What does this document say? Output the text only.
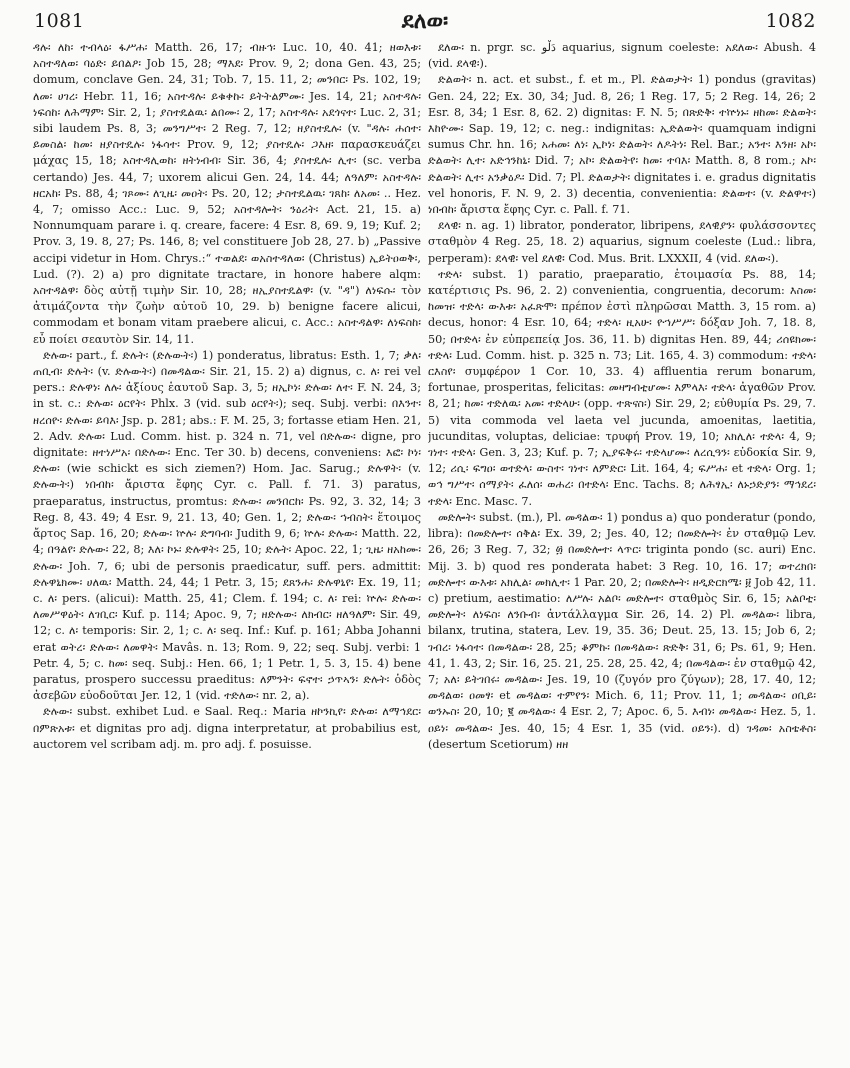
1081	ደለወ፡	1082

ዳሉ፡ ለከ፡ ተብላዕ፡ ፋሥሐ፡ Matth. 26, 17; ብዙኅ፡ Luc. 10, 40. 41; ዘወእቱ፡ አስተዳለወ፡ ባዕድ፡ ይበልዖ፡ Job 15, 28; ማእደ፡ Prov. 9, 2; dona Gen. 43, 25; domum, conclave Gen. 24, 31; Tob. 7, 15. 11, 2; መንበር፡ Ps. 102, 19; ለመ፡ ሀገረ፡ Hebr. 11, 16; አስተዳሉ፡ ይቁቀኩ፡ ይትትልምሙ፡ Jes. 14, 21; አስተዳሉ፡ ነፍሰከ፡ ለሕማም፡ Sir. 2, 1; ያስተዴልዉ፡ ልበሙ፡ 2, 17; አስተዳሉ፡ አደጎናተ፡ Luc. 2, 31; sibi laudem Ps. 8, 3; መንግሥተ፡ 2 Reg. 7, 12; ዘያስተዴሉ፡ (v. "ዳሉ፡ ሐሰተ፡ ይመስል፡ ከመ፡ ዘያስተዴሉ፡ ነፋሳተ፡ Prov. 9, 12; ያስተዴሉ፡ ጋእዘ፡ παρασκευάζει μάχας 15, 18; አስተዳሊወከ፡ ዘትነብብ፡ Sir. 36, 4; ያስተዴሉ፡ ሊተ፡ (sc. verba certando) Jes. 44, 7; uxorem alicui Gen. 24, 14. 44; ለዓለም፡ አስተዳሉ፡ ዘርአከ፡ Ps. 88, 4; ገጾሙ፡ ለጊዜ፡ መዐት፡ Ps. 20, 12; ታስተዴልዉ፡ ገጸከ፡ ለአመ፡ .. Hez. 4, 7; omisso Acc.: Luc. 9, 52; አስተዳሎት፡ ንዕሪት፡ Act. 21, 15. a) Nonnumquam parare i. q. creare, facere: 4 Esr. 8, 69. 9, 19; Kuf. 2; Prov. 3, 19. 8, 27; Ps. 146, 8; vel constituere Job 28, 27. b) „Passive accipi videtur in Hom. Chrys.:“ ተወልደ፡ ወአስተዳለወ፡ (Christus) ኢይትዐወቅ፡, Lud. (?). 2) a) pro dignitate tractare, in honore habere alqm: አስተዳልዋ፡ δὸς αὐτῇ τιμὴν Sir. 10, 28; ዘኢያስተዴልዋ፡ (v. "ዳ") ለነፍሱ፡ τὸν ἀτιμάζοντα τὴν ζωὴν αὐτοῦ 10, 29. b) benigne facere alicui, commodam et bonam vitam praebere alicui, c. Acc.: አስተዳልዋ፡ ለነፍስከ፡ εὖ ποίει σεαυτὸν Sir. 14, 11.

ድሉው፡ part., f. ድሉት፡ (ድሉውት፡) 1) ponderatus, libratus: Esth. 1, 7; ቃለ፡ ጠቢብ፡ ድሉት፡ (v. ድሉውት፡) በመዳልው፡ Sir. 21, 15. 2) a) dignus, c. ለ፡ rei vel pers.: ድሉዋነ፡ ለሉ፡ ἀξίους ἑαυτοῦ Sap. 3, 5; ዘኢኮነ፡ ድሉወ፡ ለተ፡ F. N. 24, 3; in st. c.: ድሉወ፡ ዕርየት፡ Phlx. 3 (vid. sub ዕርየት፡); seq. Subj. verbi: በእንተ፡ ዘረሰዮ፡ ድሉወ፡ ይባእ፡ Jsp. p. 281; abs.: F. M. 25, 3; fortasse etiam Hen. 21, 2. Adv. ድሉወ፡ Lud. Comm. hist. p. 324 n. 71, vel በድሉው፡ digne, pro dignitate: ዘተነሥአ፡ በድሉው፡ Enc. Ter 30. b) decens, conveniens: እፎ፡ ኮነ፡ ድሉወ፡ (wie schickt es sich ziemen?) Hom. Jac. Sarug.; ድሉዋት፡ (v. ድሉውት፡) ነበብከ፡ ἄριστα ἔφης Cyr. c. Pall. f. 71. 3) paratus, praeparatus, instructus, promtus: ድሉው፡ መንበርከ፡ Ps. 92, 3. 32, 14; 3 Reg. 8, 43. 49; 4 Esr. 9, 21. 13, 40; Gen. 1, 2; ድሉው፡ ኀብስት፡ ἕτοιμος ἄρτος Sap. 16, 20; ድሉው፡ ኵሉ፡ ድግባብ፡ Judith 9, 6; ኵሉ፡ ድሉው፡ Matth. 22, 4; በዓልየ፡ ድሉው፡ 22, 8; እለ፡ ኮኑ፡ ድሉዋት፡ 25, 10; ድሉት፡ Apoc. 22, 1; ጊዜ፡ ዘአከሙ፡ ድሉው፡ Joh. 7, 6; ubi de personis praedicatur, suff. pers. admittit: ድሉዋኒክሙ፡ ሀለዉ፡ Matth. 24, 44; 1 Petr. 3, 15; ደጸንሐ፡ ድሉዋኒየ፡ Ex. 19, 11; c. ለ፡ pers. (alicui): Matth. 25, 41; Clem. f. 194; c. ለ፡ rei: ኵሉ፡ ድሉው፡ ለመሥዋዕት፡ ለገቢር፡ Kuf. p. 114; Apoc. 9, 7; ዘድሉው፡ ለክብር፡ ዘለዓለም፡ Sir. 49, 12; c. ለ፡ temporis: Sir. 2, 1; c. ለ፡ seq. Inf.: Kuf. p. 161; Abba Johanni erat ወትረ፡ ድሉው፡ ለመዋት፡ Mavâs. n. 13; Rom. 9, 22; seq. Subj. verbi: 1 Petr. 4, 5; c. ከመ፡ seq. Subj.: Hen. 66, 1; 1 Petr. 1, 5. 3, 15. 4) bene paratus, prospero successu praeditus: ለምንት፡ ፍኖተ፡ ኃጥኣን፡ ድሉት፡ ὁδὸς ἀσεβῶν εὐοδοῦται Jer. 12, 1 (vid. ተድለው፡ nr. 2, a).

ድሉው፡ subst. exhibet Lud. e Saal. Req.: Maria ዘኮንኪየ፡ ድሉወ፡ ለማኅደር፡ በምጽአቱ፡ et dignitas pro adj. digna interpretatur, at probabilius est, auctorem vel scribam adj. m. pro adj. f. posuisse.

ደለው፡ n. prgr. sc. دَلْو aquarius, signum coeleste: አደለው፡ Abush. 4 (vid. ደላዊ፡).

ድልወት፡ n. act. et subst., f. et m., Pl. ድልወታት፡ 1) pondus (gravitas) Gen. 24, 22; Ex. 30, 34; Jud. 8, 26; 1 Reg. 17, 5; 2 Reg. 14, 26; 2 Esr. 8, 34; 1 Esr. 8, 62. 2) dignitas: F. N. 5; በጽድቅ፡ ተኵነኑ፡ ዘከመ፡ ድልወት፡ እከዮሙ፡ Sap. 19, 12; c. neg.: indignitas: ኢድልወት፡ quamquam indigni sumus Chr. hn. 16; አሐመ፡ ለነ፡ ኢኮነ፡ ድልወት፡ ለዶትነ፡ Rel. Bar.; አንተ፡ እንዘ፡ አኮ፡ ድልወት፡ ሊተ፡ አድኅንከኒ፡ Did. 7; አኮ፡ ድልወትየ፡ ከመ፡ ተባእ፡ Matth. 8, 8 rom.; አኮ፡ ድልወት፡ ሊተ፡ አንቃዕዶ፡ Did. 7; Pl. ድልወታት፡ dignitates i. e. gradus dignitatis vel honoris, F. N. 9, 2. 3) decentia, convenientia: ድልወተ፡ (v. ድልዋተ፡) ነበብከ፡ ἄριστα ἔφης Cyr. c. Pall. f. 71.

ደላዊ፡ n. ag. 1) librator, ponderator, libripens, ደላዊያን፡ φυλάσσοντες σταθμὸν 4 Reg. 25, 18. 2) aquarius, signum coeleste (Lud.: libra, perperam): ደላዊ፡ vel ደለዊ፡ Cod. Mus. Brit. LXXXII, 4 (vid. ደለው፡).

ተድላ፡ subst. 1) paratio, praeparatio, ἑτοιμασία Ps. 88, 14; κατέρτισις Ps. 96, 2. 2) convenientia, congruentia, decorum: እስመ፡ ከመዝ፡ ተድላ፡ ውእቱ፡ አፈጽሞ፡ πρέπον ἐστὶ πληρῶσαι Matth. 3, 15 rom. a) decus, honor: 4 Esr. 10, 64; ተድላ፡ ዚአሁ፡ ዮኀሥሥ፡ δόξαν Joh. 7, 18. 8, 50; በተድላ፡ ἐν εὐπρεπείᾳ Jos. 36, 11. b) dignitas Hen. 89, 44; ሪሰዩክሙ፡ ተድላ፡ Lud. Comm. hist. p. 325 n. 73; Lit. 165, 4. 3) commodum: ተድላ፡ ርእስየ፡ συμφέρον 1 Cor. 10, 33. 4) affluentia rerum bonarum, fortunae, prosperitas, felicitas: መዛግብቲሆሙ፡ እምላእ፡ ተድላ፡ ἀγαθῶν Prov. 8, 21; ከመ፡ ተድለዉ፡ አመ፡ ተድላሁ፡ (opp. ተጽናስ፡) Sir. 29, 2; εὐθυμία Ps. 29, 7. 5) vita commoda vel laeta vel jucunda, amoenitas, laetitia, jucunditas, voluptas, deliciae: τρυφή Prov. 19, 10; አክሊለ፡ ተድላ፡ 4, 9; ገነተ፡ ተድላ፡ Gen. 3, 23; Kuf. p. 7; ኢያፍቅሩ፡ ተድላሆሙ፡ ለረሲዓን፡ εὐδοκία Sir. 9, 12; ሪሲ፡ ፍግዐ፡ ወተድላ፡ ውስተ፡ ገነተ፡ ለምድር፡ Lit. 164, 4; ፍሥሐ፡ et ተድላ፡ Org. 1; ወኅ ግሥተ፡ ሰማያት፡ ፈለሰ፡ ወሐረ፡ በተድላ፡ Enc. Tachs. 8; ለሕፃኢ፡ ለኑኃድያን፡ ማኅደረ፡ ተድላ፡ Enc. Masc. 7.

መድሎት፡ subst. (m.), Pl. መዳልው፡ 1) pondus a) quo ponderatur (pondo, libra): በመድሎተ፡ ሰቅል፡ Ex. 39, 2; Jes. 40, 12; በመድሎት፡ ἐν σταθμῷ Lev. 26, 26; 3 Reg. 7, 32; ፴ በመድሎተ፡ ላጥር፡ triginta pondo (sc. auri) Enc. Mij. 3. b) quod res ponderata habet: 3 Reg. 10, 16. 17; ወተረክበ፡ መድሎተ፡ ውእቱ፡ አክሊል፡ መክሊተ፡ 1 Par. 20, 2; በመድሎት፡ ዘዲድርክሜ፡ ፱ Job 42, 11. c) pretium, aestimatio: ለሥሉ፡ አልቦ፡ መድሎተ፡ σταθμὸς Sir. 6, 15; አልቦቲ፡ መድሎት፡ ለነፍስ፡ ለንቡብ፡ ἀντάλλαγμα Sir. 26, 14. 2) Pl. መዳልው፡ libra, bilanx, trutina, statera, Lev. 19, 35. 36; Deut. 25, 13. 15; Job 6, 2; ገብረ፡ ነፋሳተ፡ በመዳልው፡ 28, 25; ቆምኩ፡ በመዳልው፡ ጽድቅ፡ 31, 6; Ps. 61, 9; Hen. 41, 1. 43, 2; Sir. 16, 25. 21, 25. 28, 25. 42, 4; በመዳልው፡ ἐν σταθμῷ 42, 7; አለ፡ ይትገበሩ፡ መዳልው፡ Jes. 19, 10 (ζυγόν pro ζύγων); 28, 17. 40, 12; መዳልወ፡ ዐመፃ፡ et መዳልወ፡ ተምየን፡ Mich. 6, 11; Prov. 11, 1; መዳልው፡ ዐቢይ፡ ወንኡስ፡ 20, 10; ፪ መዳልው፡ 4 Esr. 2, 7; Apoc. 6, 5. እብነ፡ መዳልው፡ Hez. 5, 1. ዐይነ፡ መዳልው፡ Jes. 40, 15; 4 Esr. 1, 35 (vid. ዐይን፡). d) ገዳመ፡ አስቴቶስ፡ (desertum Scetiorum) ዘዘ
